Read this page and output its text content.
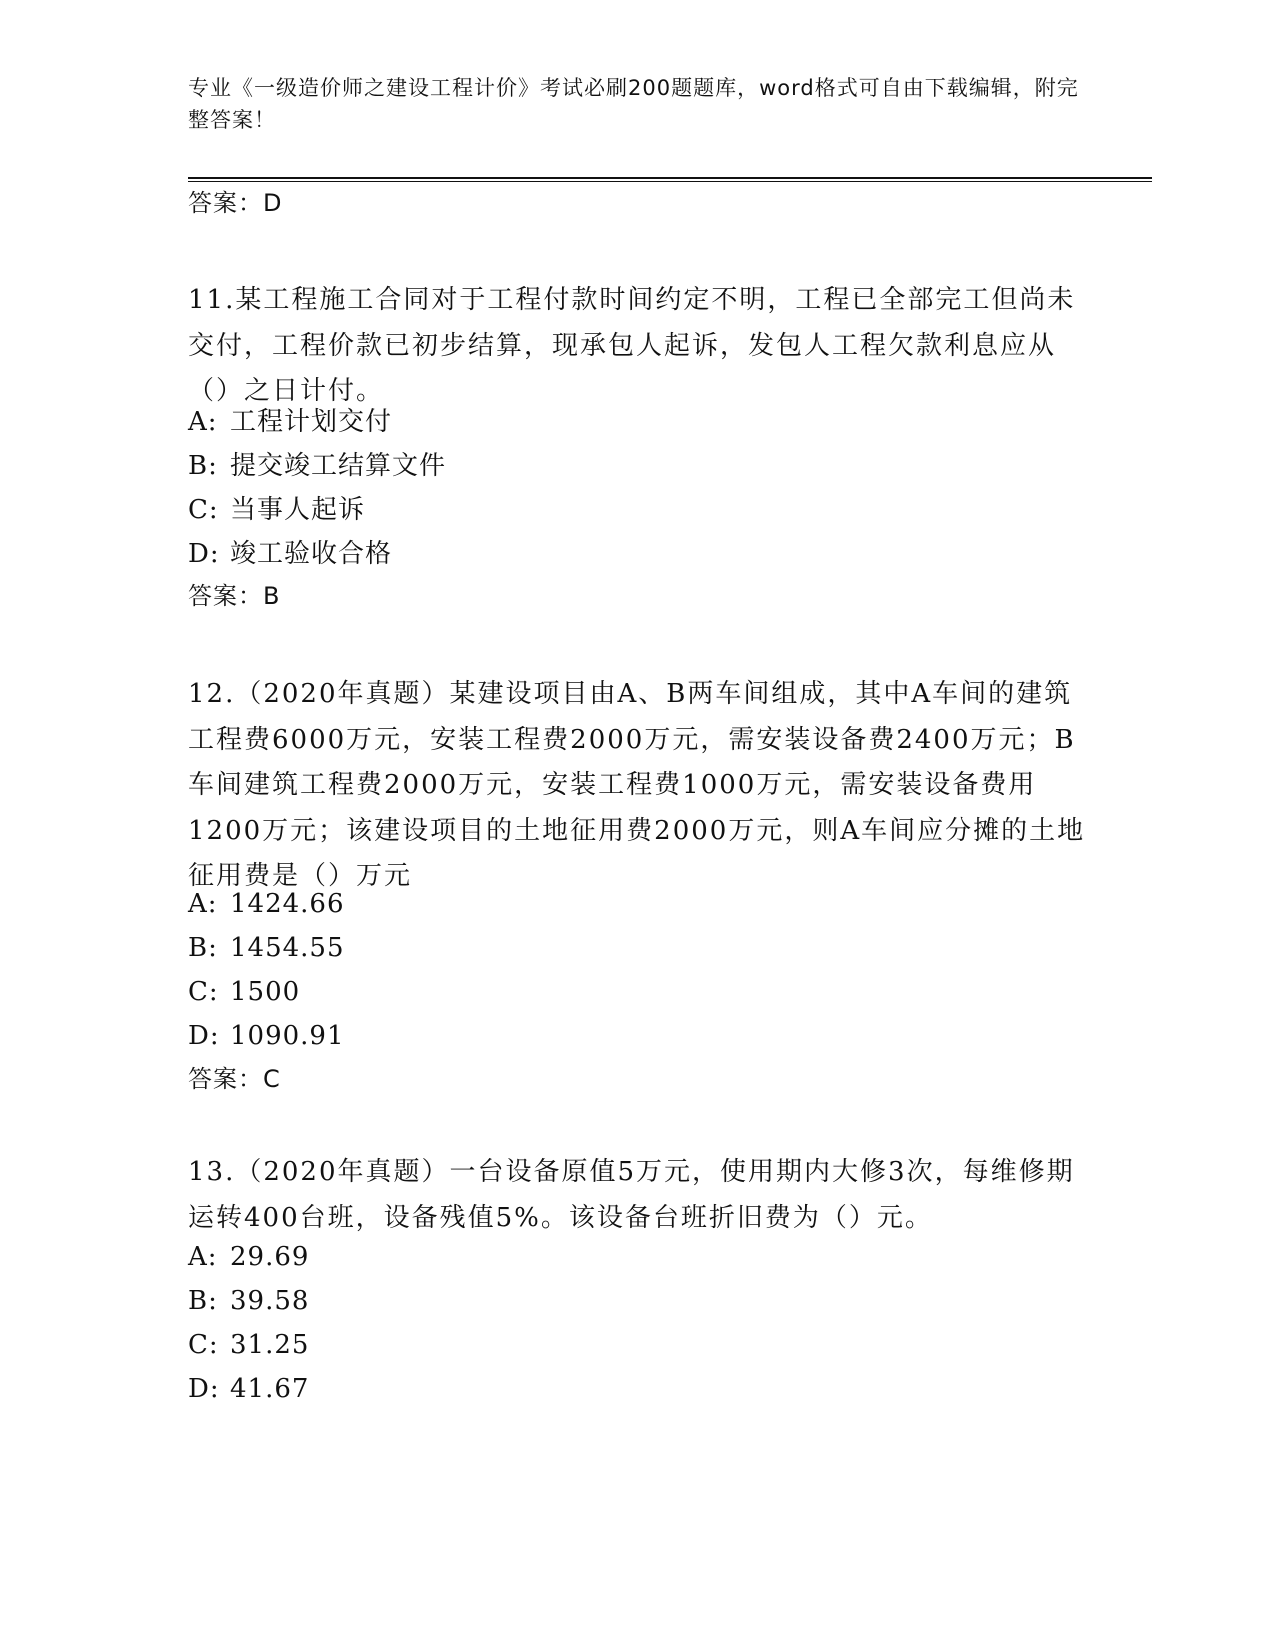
专业《一级造价师之建设工程计价》考试必刷200题题库，word格式可自由下载编辑，附完整答案！
答案：D
11.某工程施工合同对于工程付款时间约定不明，工程已全部完工但尚未交付，工程价款已初步结算，现承包人起诉，发包人工程欠款利息应从（）之日计付。
A: 工程计划交付
B: 提交竣工结算文件
C: 当事人起诉
D: 竣工验收合格
答案：B
12.（2020年真题）某建设项目由A、B两车间组成，其中A车间的建筑工程费6000万元，安装工程费2000万元，需安装设备费2400万元；B车间建筑工程费2000万元，安装工程费1000万元，需安装设备费用1200万元；该建设项目的土地征用费2000万元，则A车间应分摊的土地征用费是（）万元
A: 1424.66
B: 1454.55
C: 1500
D: 1090.91
答案：C
13.（2020年真题）一台设备原值5万元，使用期内大修3次，每维修期运转400台班，设备残值5%。该设备台班折旧费为（）元。
A: 29.69
B: 39.58
C: 31.25
D: 41.67
